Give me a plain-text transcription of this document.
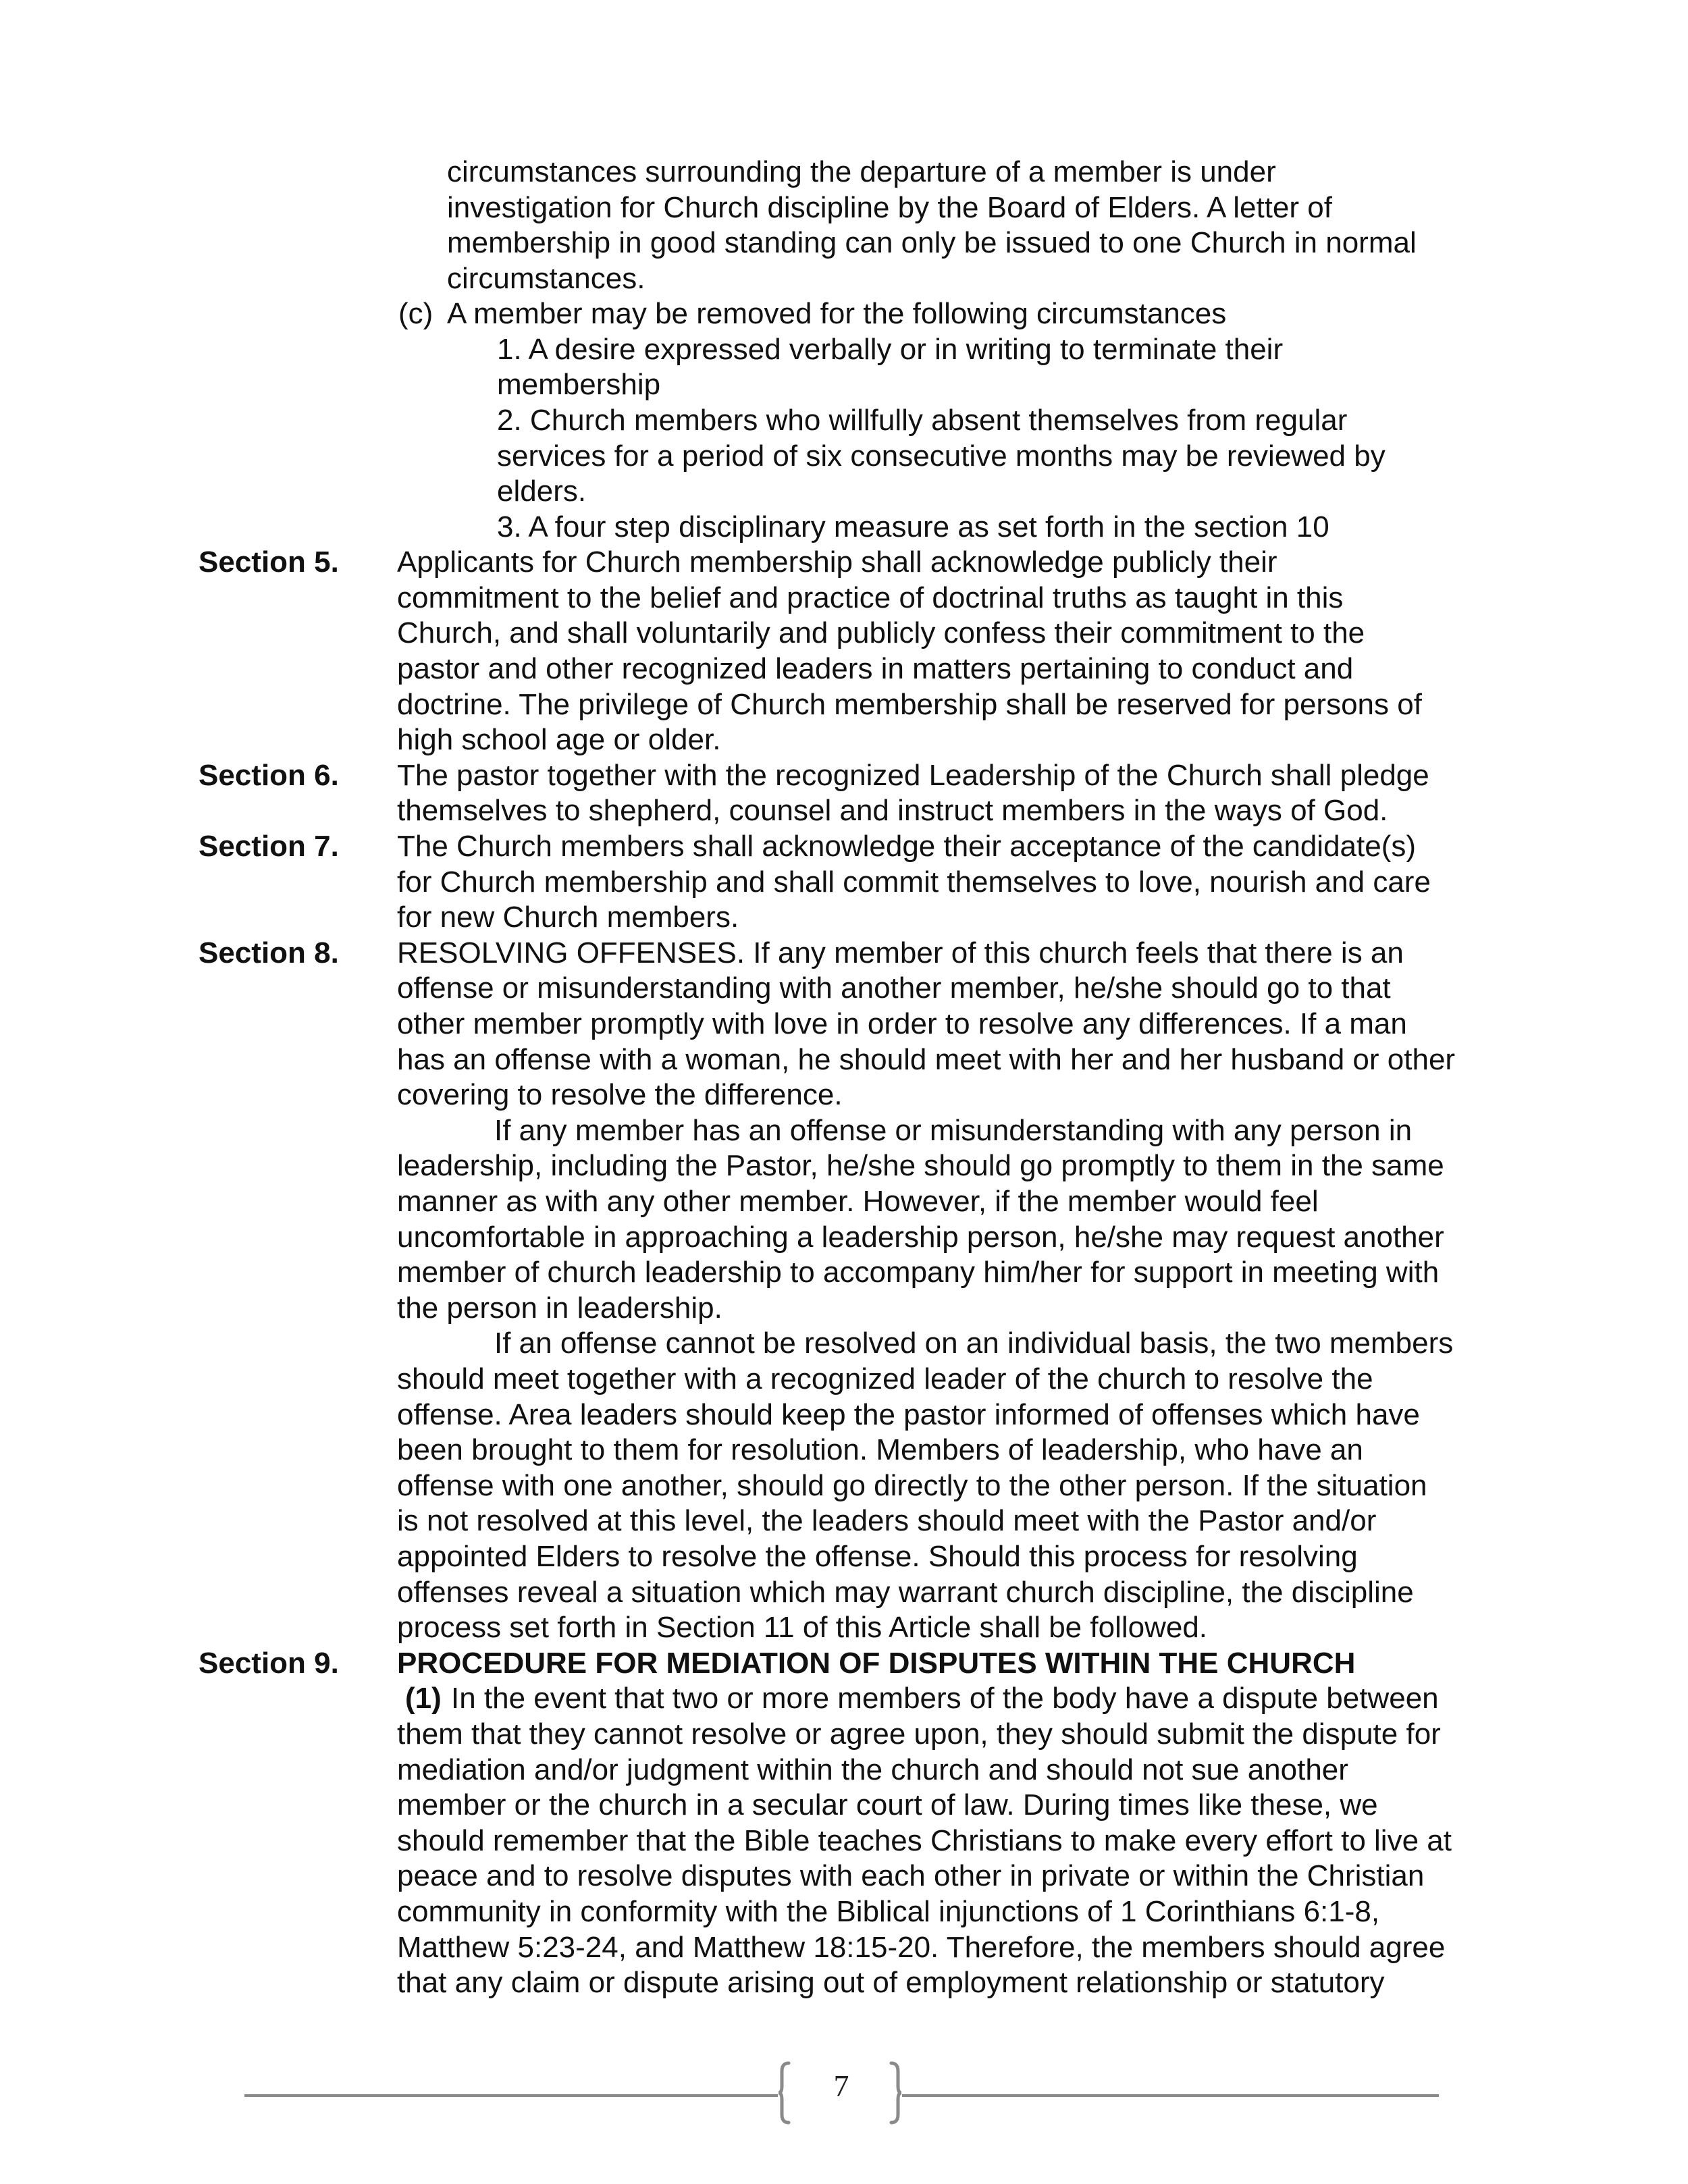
circumstances surrounding the departure of a member is under
investigation for Church discipline by the Board of Elders. A letter of
membership in good standing can only be issued to one Church in normal
circumstances.
(c) A member may be removed for the following circumstances
1. A desire expressed verbally or in writing to terminate their
membership
2. Church members who willfully absent themselves from regular
services for a period of six consecutive months may be reviewed by
elders.
3. A four step disciplinary measure as set forth in the section 10
Section 5. Applicants for Church membership shall acknowledge publicly their
commitment to the belief and practice of doctrinal truths as taught in this
Church, and shall voluntarily and publicly confess their commitment to the
pastor and other recognized leaders in matters pertaining to conduct and
doctrine. The privilege of Church membership shall be reserved for persons of
high school age or older.
Section 6. The pastor together with the recognized Leadership of the Church shall pledge
themselves to shepherd, counsel and instruct members in the ways of God.
Section 7. The Church members shall acknowledge their acceptance of the candidate(s)
for Church membership and shall commit themselves to love, nourish and care
for new Church members.
Section 8. RESOLVING OFFENSES. If any member of this church feels that there is an
offense or misunderstanding with another member, he/she should go to that
other member promptly with love in order to resolve any differences. If a man
has an offense with a woman, he should meet with her and her husband or other
covering to resolve the difference.
If any member has an offense or misunderstanding with any person in
leadership, including the Pastor, he/she should go promptly to them in the same
manner as with any other member. However, if the member would feel
uncomfortable in approaching a leadership person, he/she may request another
member of church leadership to accompany him/her for support in meeting with
the person in leadership.
If an offense cannot be resolved on an individual basis, the two members
should meet together with a recognized leader of the church to resolve the
offense. Area leaders should keep the pastor informed of offenses which have
been brought to them for resolution. Members of leadership, who have an
offense with one another, should go directly to the other person. If the situation
is not resolved at this level, the leaders should meet with the Pastor and/or
appointed Elders to resolve the offense. Should this process for resolving
offenses reveal a situation which may warrant church discipline, the discipline
process set forth in Section 11 of this Article shall be followed.
Section 9. PROCEDURE FOR MEDIATION OF DISPUTES WITHIN THE CHURCH
(1) In the event that two or more members of the body have a dispute between
them that they cannot resolve or agree upon, they should submit the dispute for
mediation and/or judgment within the church and should not sue another
member or the church in a secular court of law. During times like these, we
should remember that the Bible teaches Christians to make every effort to live at
peace and to resolve disputes with each other in private or within the Christian
community in conformity with the Biblical injunctions of 1 Corinthians 6:1-8,
Matthew 5:23-24, and Matthew 18:15-20. Therefore, the members should agree
that any claim or dispute arising out of employment relationship or statutory
7
